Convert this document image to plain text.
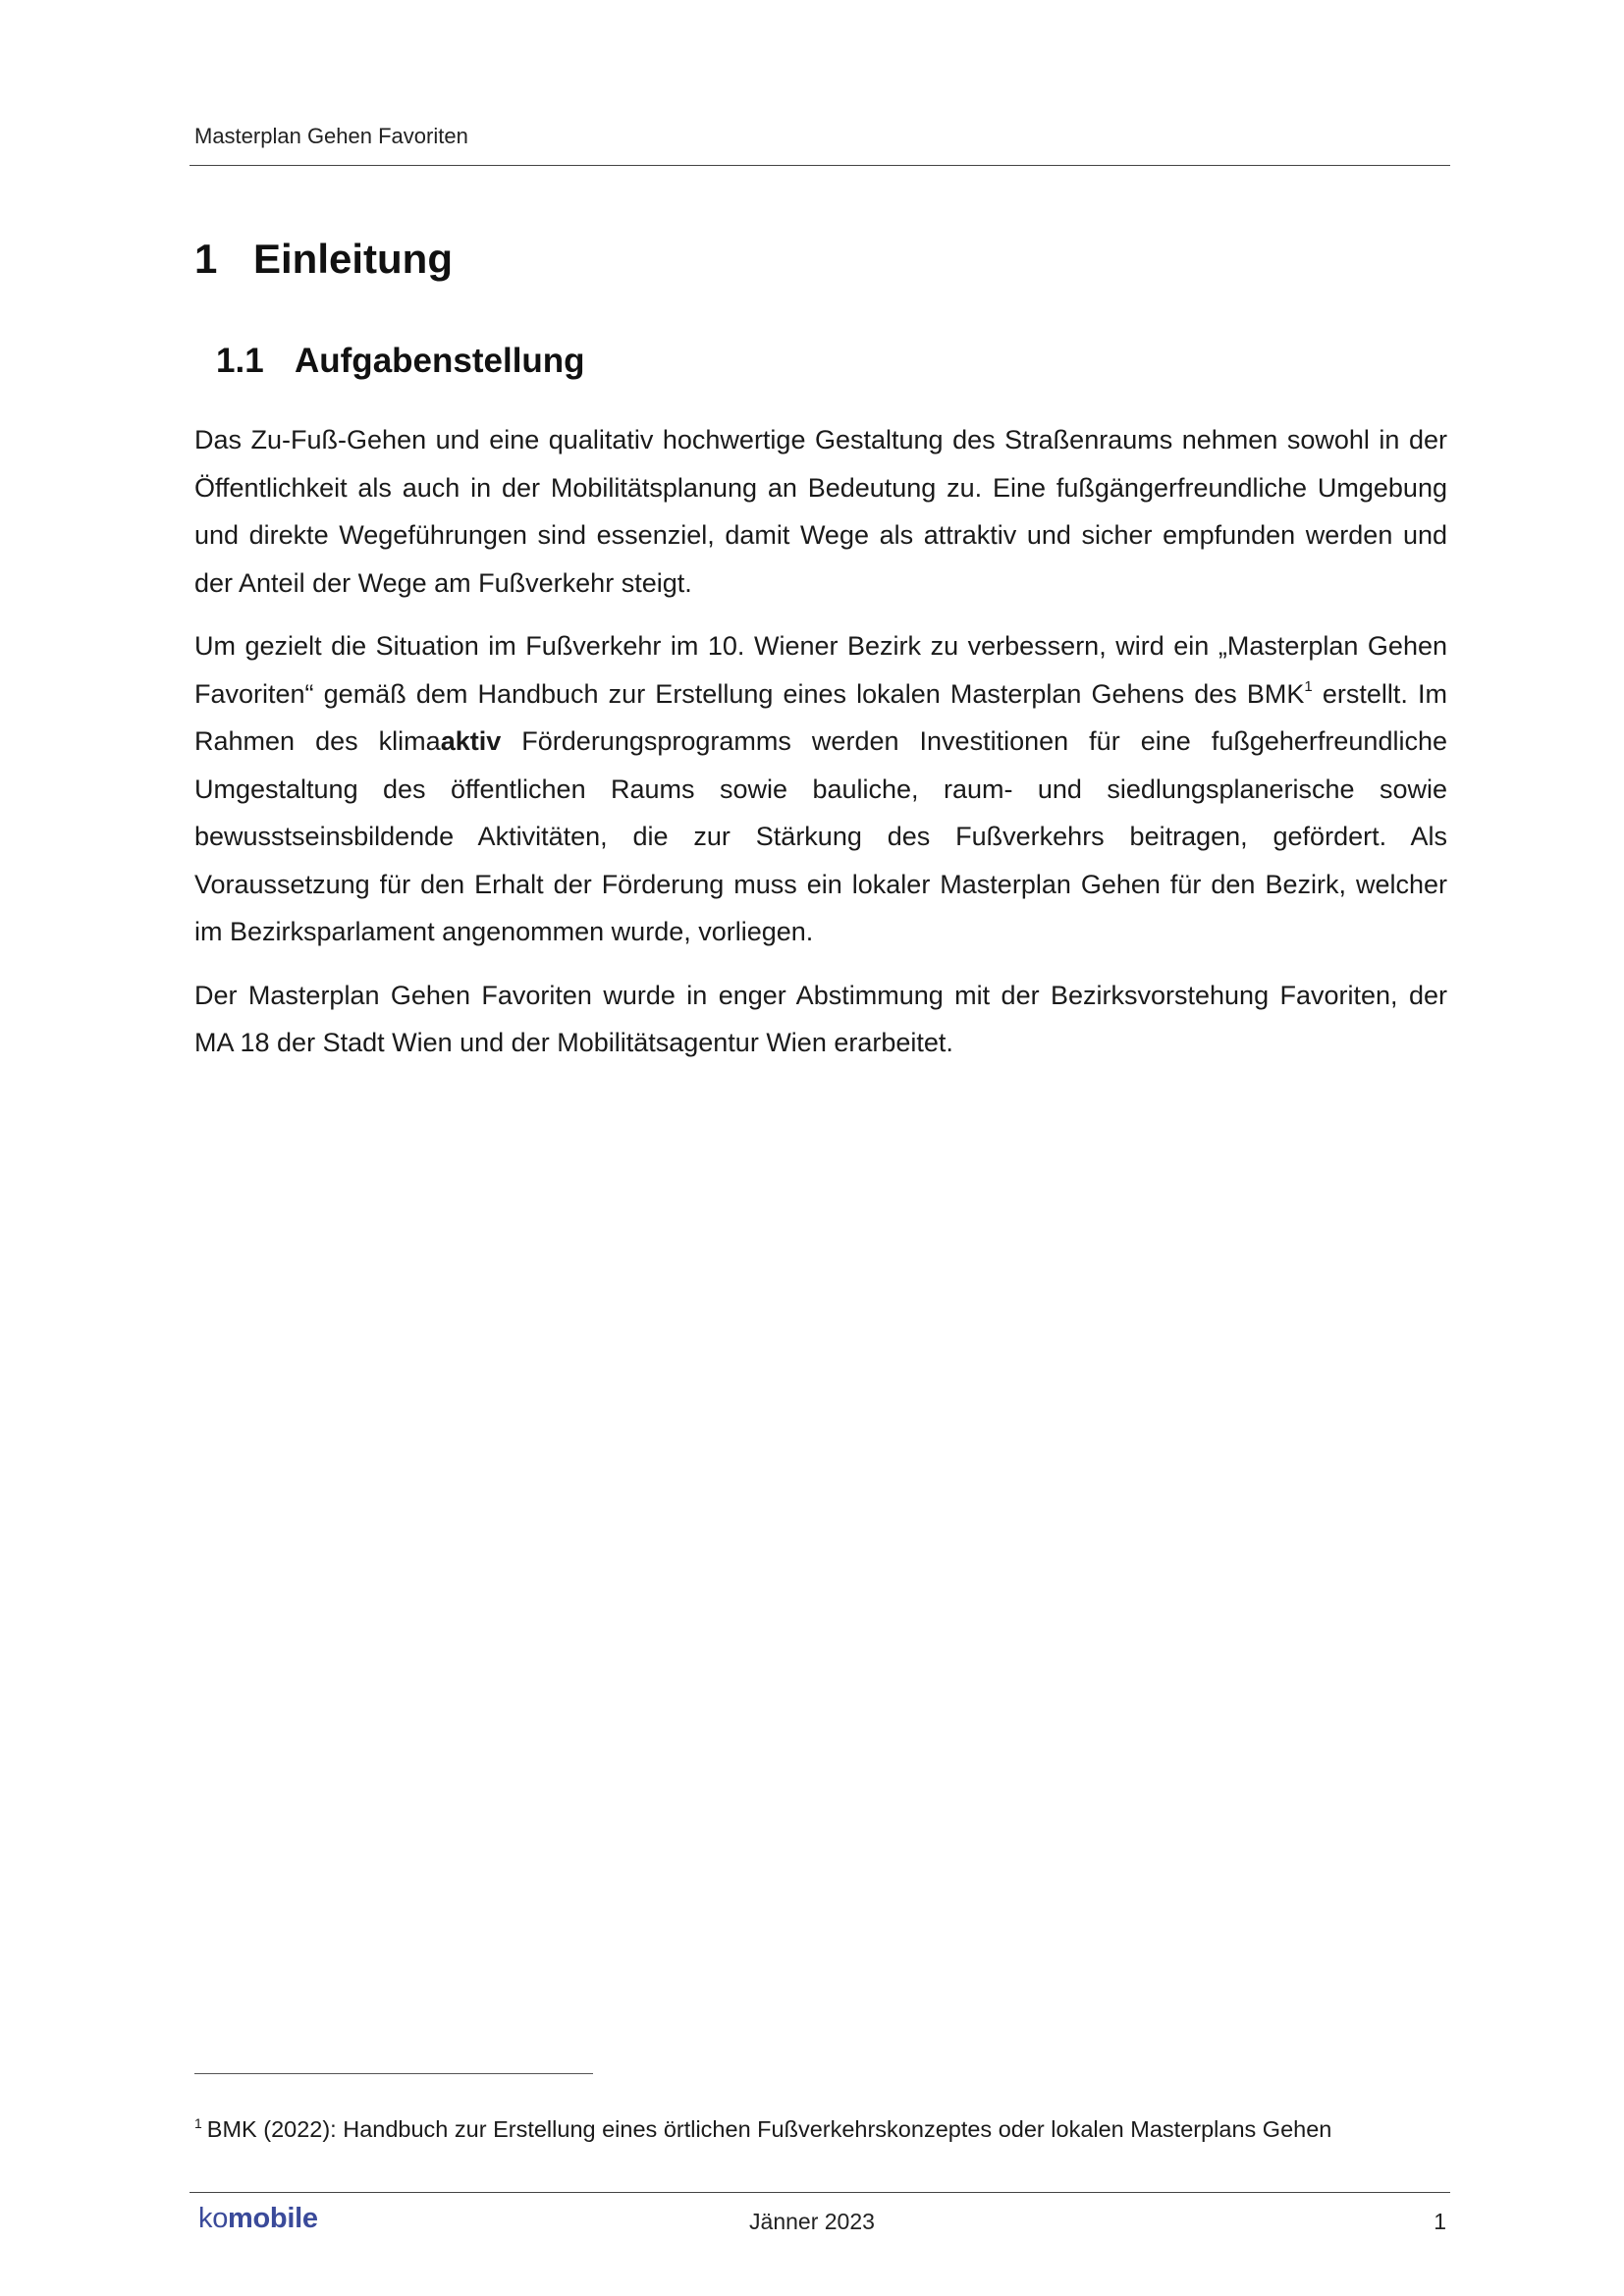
Masterplan Gehen Favoriten
1 Einleitung
1.1 Aufgabenstellung

Das Zu-Fuß-Gehen und eine qualitativ hochwertige Gestaltung des Straßenraums nehmen sowohl in der Öffentlichkeit als auch in der Mobilitätsplanung an Bedeutung zu. Eine fußgängerfreundliche Umgebung und direkte Wegeführungen sind essenziel, damit Wege als attraktiv und sicher empfunden werden und der Anteil der Wege am Fußverkehr steigt.

Um gezielt die Situation im Fußverkehr im 10. Wiener Bezirk zu verbessern, wird ein „Masterplan Gehen Favoriten“ gemäß dem Handbuch zur Erstellung eines lokalen Masterplan Gehens des BMK$^1$ erstellt. Im Rahmen des klimaaktiv Förderungsprogramms werden Investitionen für eine fußgeherfreundliche Umgestaltung des öffentlichen Raums sowie bauliche, raum- und siedlungsplanerische sowie bewusstseinsbildende Aktivitäten, die zur Stärkung des Fußverkehrs beitragen, gefördert. Als Voraussetzung für den Erhalt der Förderung muss ein lokaler Masterplan Gehen für den Bezirk, welcher im Bezirksparlament angenommen wurde, vorliegen.

Der Masterplan Gehen Favoriten wurde in enger Abstimmung mit der Bezirksvorstehung Favoriten, der MA 18 der Stadt Wien und der Mobilitätsagentur Wien erarbeitet.

$^1$ BMK (2022): Handbuch zur Erstellung eines örtlichen Fußverkehrskonzeptes oder lokalen Masterplans Gehen
komobile	Jänner 2023	1
